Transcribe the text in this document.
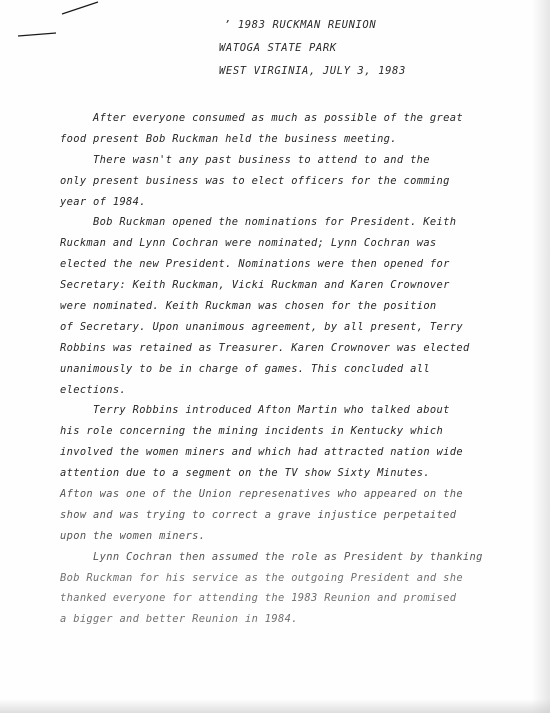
’ 1983 RUCKMAN REUNION

WATOGA STATE PARK

WEST VIRGINIA, JULY 3, 1983

After everyone consumed as much as possible of the great

food present Bob Ruckman held the business meeting.

There wasn't any past business to attend to and the

only present business was to elect officers for the comming

year of 1984.

Bob Ruckman opened the nominations for President. Keith

Ruckman and Lynn Cochran were nominated; Lynn Cochran was

elected the new President. Nominations were then opened for

Secretary: Keith Ruckman, Vicki Ruckman and Karen Crownover

were nominated. Keith Ruckman was chosen for the position

of Secretary. Upon unanimous agreement, by all present, Terry

Robbins was retained as Treasurer. Karen Crownover was elected

unanimously to be in charge of games. This concluded all

elections.

Terry Robbins introduced Afton Martin who talked about

his role concerning the mining incidents in Kentucky which

involved the women miners and which had attracted nation wide

attention due to a segment on the TV show Sixty Minutes.

Afton was one of the Union represenatives who appeared on the

show and was trying to correct a grave injustice perpetaited

upon the women miners.

Lynn Cochran then assumed the role as President by thanking

Bob Ruckman for his service as the outgoing President and she

thanked everyone for attending the 1983 Reunion and promised

a bigger and better Reunion in 1984.
